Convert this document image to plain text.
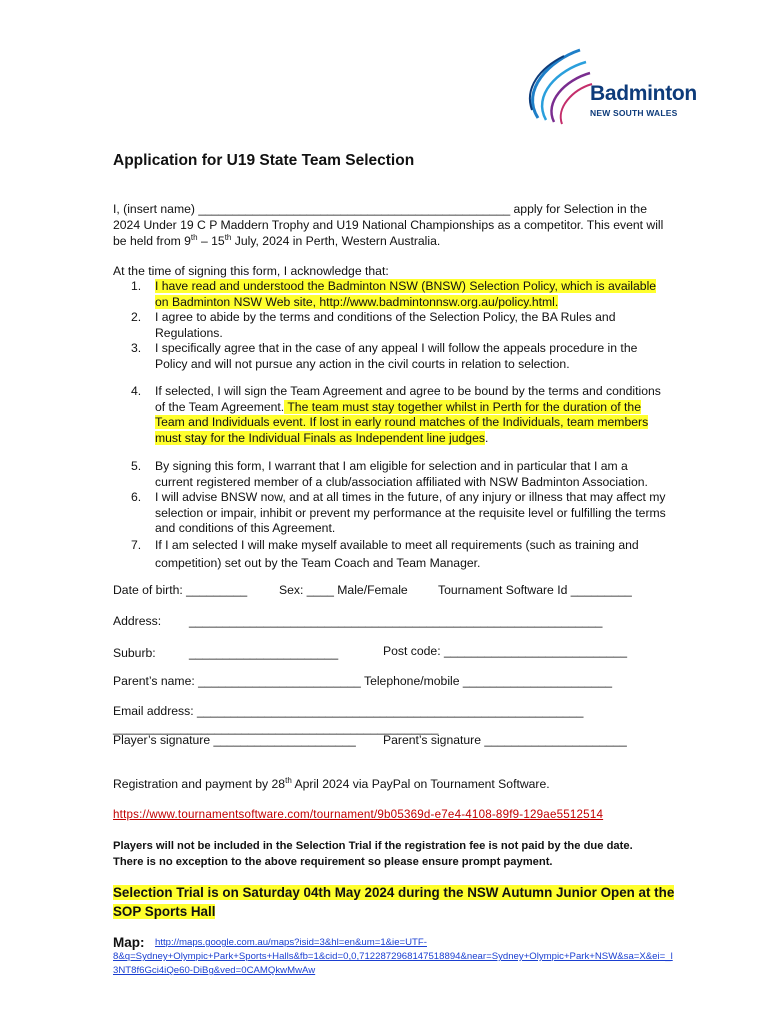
Badminton
NEW SOUTH WALES
Application for U19 State Team Selection
I, (insert name) ______________________________________________ apply for Selection in the
2024 Under 19 C P Maddern Trophy and U19 National Championships as a competitor. This event will
be held from 9th – 15th July, 2024 in Perth, Western Australia.
At the time of signing this form, I acknowledge that:
1. I have read and understood the Badminton NSW (BNSW) Selection Policy, which is available
on Badminton NSW Web site, http://www.badmintonnsw.org.au/policy.html.
2. I agree to abide by the terms and conditions of the Selection Policy, the BA Rules and
Regulations.
3. I specifically agree that in the case of any appeal I will follow the appeals procedure in the
Policy and will not pursue any action in the civil courts in relation to selection.
4. If selected, I will sign the Team Agreement and agree to be bound by the terms and conditions
of the Team Agreement. The team must stay together whilst in Perth for the duration of the
Team and Individuals event. If lost in early round matches of the Individuals, team members
must stay for the Individual Finals as Independent line judges.
5. By signing this form, I warrant that I am eligible for selection and in particular that I am a
current registered member of a club/association affiliated with NSW Badminton Association.
6. I will advise BNSW now, and at all times in the future, of any injury or illness that may affect my
selection or impair, inhibit or prevent my performance at the requisite level or fulfilling the terms
and conditions of this Agreement.
7. If I am selected I will make myself available to meet all requirements (such as training and
competition) set out by the Team Coach and Team Manager.
Date of birth: _________	Sex: ____ Male/Female Tournament Software Id _________
Address: _____________________________________________________________
Suburb:	______________________	Post code: ___________________________
Parent’s name: ________________________ Telephone/mobile ______________________
Email address: _________________________________________________________
________________________________________________
Player’s signature _____________________ Parent’s signature _____________________
Registration and payment by 28th April 2024 via PayPal on Tournament Software.
https://www.tournamentsoftware.com/tournament/9b05369d-e7e4-4108-89f9-129ae5512514
Players will not be included in the Selection Trial if the registration fee is not paid by the due date.
There is no exception to the above requirement so please ensure prompt payment.
Selection Trial is on Saturday 04th May 2024 during the NSW Autumn Junior Open at the
SOP Sports Hall
Map:	http://maps.google.com.au/maps?isid=3&hl=en&um=1&ie=UTF-
8&q=Sydney+Olympic+Park+Sports+Halls&fb=1&cid=0,0,7122872968147518894&near=Sydney+Olympic+Park+NSW&sa=X&ei=_l
3NT8f6Gci4iQe60-DiBg&ved=0CAMQkwMwAw
